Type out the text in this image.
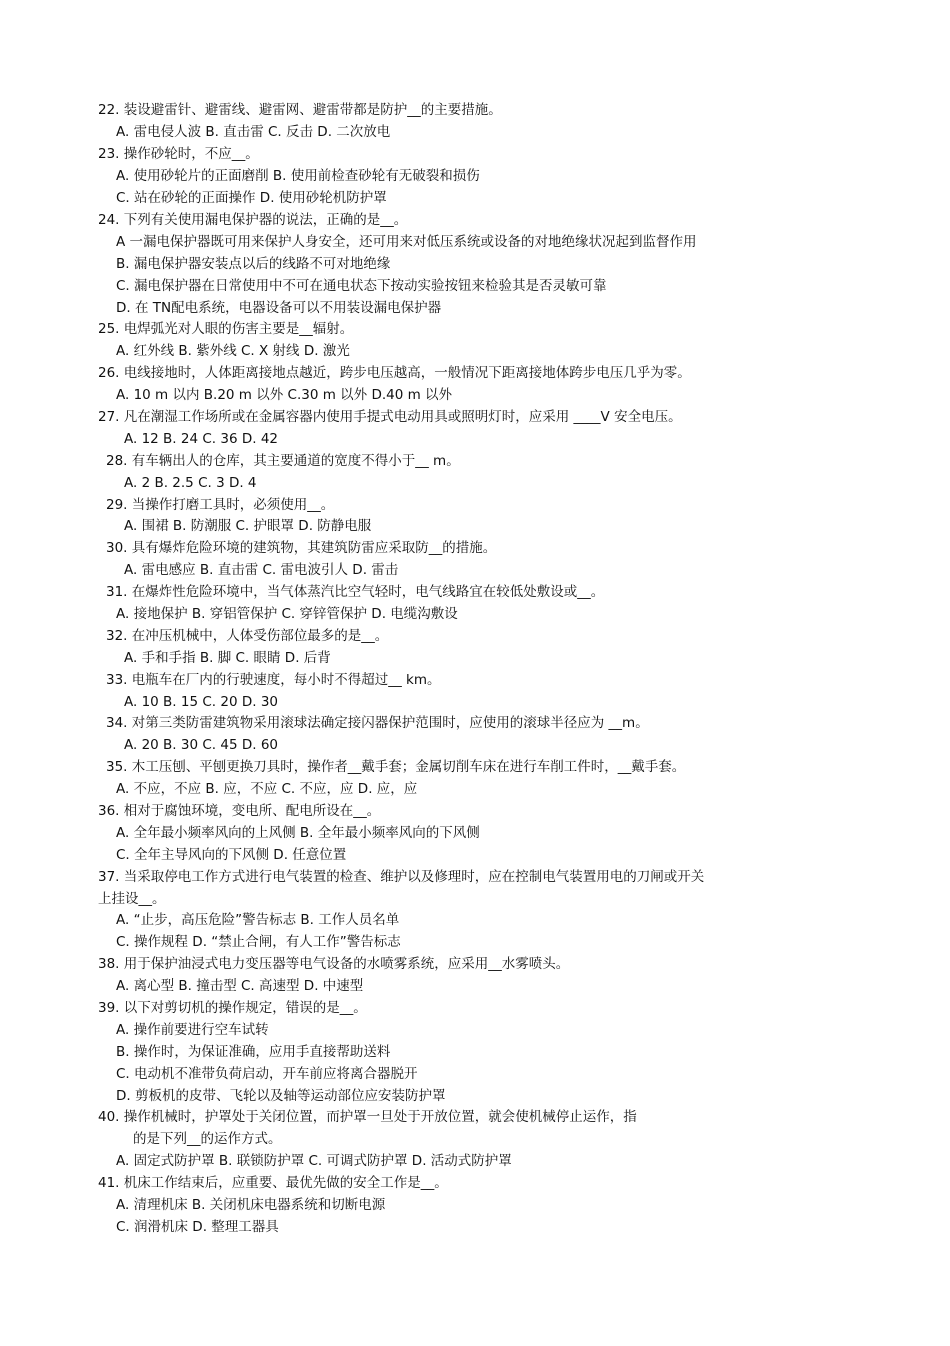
22. 装设避雷针、避雷线、避雷网、避雷带都是防护__的主要措施。
A. 雷电侵人波 B. 直击雷 C. 反击 D. 二次放电
23. 操作砂轮时，不应__。
A. 使用砂轮片的正面磨削 B. 使用前检查砂轮有无破裂和损伤
C. 站在砂轮的正面操作 D. 使用砂轮机防护罩
24. 下列有关使用漏电保护器的说法，正确的是__。
A 一漏电保护器既可用来保护人身安全，还可用来对低压系统或设备的对地绝缘状况起到监督作用
B. 漏电保护器安装点以后的线路不可对地绝缘
C. 漏电保护器在日常使用中不可在通电状态下按动实验按钮来检验其是否灵敏可靠
D. 在 TN配电系统，电器设备可以不用装设漏电保护器
25. 电焊弧光对人眼的伤害主要是__辐射。
A. 红外线 B. 紫外线 C. X 射线 D. 激光
26. 电线接地时，人体距离接地点越近，跨步电压越高，一般情况下距离接地体跨步电压几乎为零。
A. 10 m 以内 B.20 m 以外 C.30 m 以外 D.40 m 以外
27. 凡在潮湿工作场所或在金属容器内使用手提式电动用具或照明灯时，应采用 ____V 安全电压。
A. 12 B. 24 C. 36 D. 42
28. 有车辆出人的仓库，其主要通道的宽度不得小于__ m。
A. 2 B. 2.5 C. 3 D. 4
29. 当操作打磨工具时，必须使用__。
A. 围裙 B. 防潮服 C. 护眼罩 D. 防静电服
30. 具有爆炸危险环境的建筑物，其建筑防雷应采取防__的措施。
A. 雷电感应 B. 直击雷 C. 雷电波引人 D. 雷击
31. 在爆炸性危险环境中，当气体蒸汽比空气轻时，电气线路宜在较低处敷设或__。
A. 接地保护 B. 穿铝管保护 C. 穿锌管保护 D. 电缆沟敷设
32. 在冲压机械中，人体受伤部位最多的是__。
A. 手和手指 B. 脚 C. 眼睛 D. 后背
33. 电瓶车在厂内的行驶速度，每小时不得超过__ km。
A. 10 B. 15 C. 20 D. 30
34. 对第三类防雷建筑物采用滚球法确定接闪器保护范围时，应使用的滚球半径应为 __m。
A. 20 B. 30 C. 45 D. 60
35. 木工压刨、平刨更换刀具时，操作者__戴手套；金属切削车床在进行车削工件时，__戴手套。
A. 不应，不应 B. 应，不应 C. 不应，应 D. 应，应
36. 相对于腐蚀环境，变电所、配电所设在__。
A. 全年最小频率风向的上风侧 B. 全年最小频率风向的下风侧
C. 全年主导风向的下风侧 D. 任意位置
37. 当采取停电工作方式进行电气装置的检查、维护以及修理时，应在控制电气装置用电的刀闸或开关
上挂设__。
A. “止步，高压危险”警告标志 B. 工作人员名单
C. 操作规程 D. “禁止合闸，有人工作”警告标志
38. 用于保护油浸式电力变压器等电气设备的水喷雾系统，应采用__水雾喷头。
A. 离心型 B. 撞击型 C. 高速型 D. 中速型
39. 以下对剪切机的操作规定，错误的是__。
A. 操作前要进行空车试转
B. 操作时，为保证准确，应用手直接帮助送料
C. 电动机不准带负荷启动，开车前应将离合器脱开
D. 剪板机的皮带、飞轮以及轴等运动部位应安装防护罩
40. 操作机械时，护罩处于关闭位置，而护罩一旦处于开放位置，就会使机械停止运作，指
的是下列__的运作方式。
A. 固定式防护罩 B. 联锁防护罩 C. 可调式防护罩 D. 活动式防护罩
41. 机床工作结束后，应重要、最优先做的安全工作是__。
A. 清理机床 B. 关闭机床电器系统和切断电源
C. 润滑机床 D. 整理工器具
